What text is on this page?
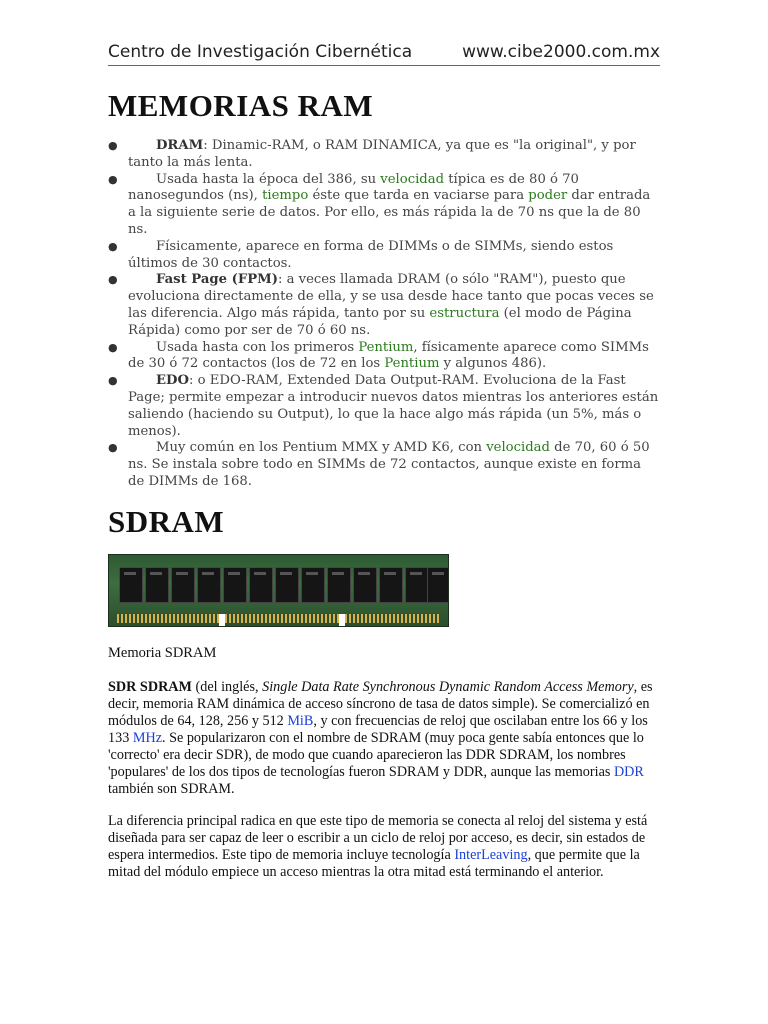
Centro de Investigación Cibernética	www.cibe2000.com.mx
MEMORIAS RAM
●	DRAM: Dinamic-RAM, o RAM DINAMICA, ya que es "la original", y por tanto la más lenta.
●	Usada hasta la época del 386, su velocidad típica es de 80 ó 70 nanosegundos (ns), tiempo éste que tarda en vaciarse para poder dar entrada a la siguiente serie de datos. Por ello, es más rápida la de 70 ns que la de 80 ns.
●	Físicamente, aparece en forma de DIMMs o de SIMMs, siendo estos últimos de 30 contactos.
●	Fast Page (FPM): a veces llamada DRAM (o sólo "RAM"), puesto que evoluciona directamente de ella, y se usa desde hace tanto que pocas veces se las diferencia. Algo más rápida, tanto por su estructura (el modo de Página Rápida) como por ser de 70 ó 60 ns.
●	Usada hasta con los primeros Pentium, físicamente aparece como SIMMs de 30 ó 72 contactos (los de 72 en los Pentium y algunos 486).
●	EDO: o EDO-RAM, Extended Data Output-RAM. Evoluciona de la Fast Page; permite empezar a introducir nuevos datos mientras los anteriores están saliendo (haciendo su Output), lo que la hace algo más rápida (un 5%, más o menos).
●	Muy común en los Pentium MMX y AMD K6, con velocidad de 70, 60 ó 50 ns. Se instala sobre todo en SIMMs de 72 contactos, aunque existe en forma de DIMMs de 168.
SDRAM
Memoria SDRAM

SDR SDRAM (del inglés, Single Data Rate Synchronous Dynamic Random Access Memory, es decir, memoria RAM dinámica de acceso síncrono de tasa de datos simple). Se comercializó en módulos de 64, 128, 256 y 512 MiB, y con frecuencias de reloj que oscilaban entre los 66 y los 133 MHz. Se popularizaron con el nombre de SDRAM (muy poca gente sabía entonces que lo 'correcto' era decir SDR), de modo que cuando aparecieron las DDR SDRAM, los nombres 'populares' de los dos tipos de tecnologías fueron SDRAM y DDR, aunque las memorias DDR también son SDRAM.

La diferencia principal radica en que este tipo de memoria se conecta al reloj del sistema y está diseñada para ser capaz de leer o escribir a un ciclo de reloj por acceso, es decir, sin estados de espera intermedios. Este tipo de memoria incluye tecnología InterLeaving, que permite que la mitad del módulo empiece un acceso mientras la otra mitad está terminando el anterior.
